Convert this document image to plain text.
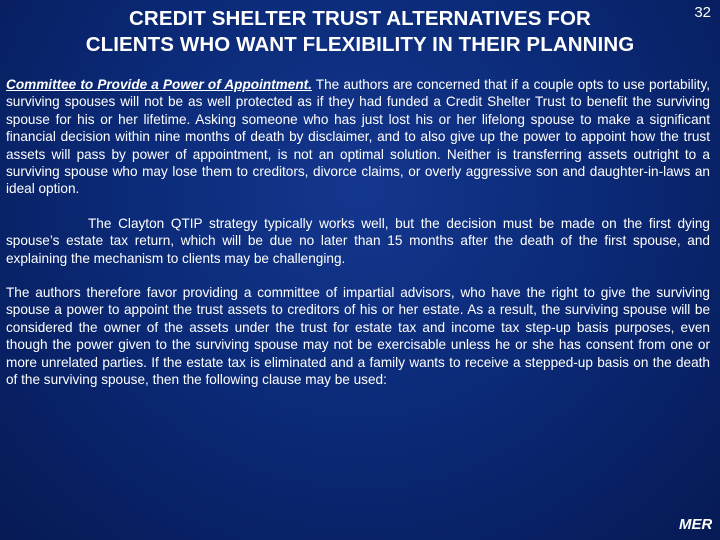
32
CREDIT SHELTER TRUST ALTERNATIVES FOR
CLIENTS WHO WANT FLEXIBILITY IN THEIR PLANNING

Committee to Provide a Power of Appointment. The authors are concerned that if a couple opts to use portability, surviving spouses will not be as well protected as if they had funded a Credit Shelter Trust to benefit the surviving spouse for his or her lifetime. Asking someone who has just lost his or her lifelong spouse to make a significant financial decision within nine months of death by disclaimer, and to also give up the power to appoint how the trust assets will pass by power of appointment, is not an optimal solution. Neither is transferring assets outright to a surviving spouse who may lose them to creditors, divorce claims, or overly aggressive son and daughter-in-laws an ideal option.

The Clayton QTIP strategy typically works well, but the decision must be made on the first dying spouse’s estate tax return, which will be due no later than 15 months after the death of the first spouse, and explaining the mechanism to clients may be challenging.

The authors therefore favor providing a committee of impartial advisors, who have the right to give the surviving spouse a power to appoint the trust assets to creditors of his or her estate. As a result, the surviving spouse will be considered the owner of the assets under the trust for estate tax and income tax step-up basis purposes, even though the power given to the surviving spouse may not be exercisable unless he or she has consent from one or more unrelated parties. If the estate tax is eliminated and a family wants to receive a stepped-up basis on the death of the surviving spouse, then the following clause may be used:

MER
